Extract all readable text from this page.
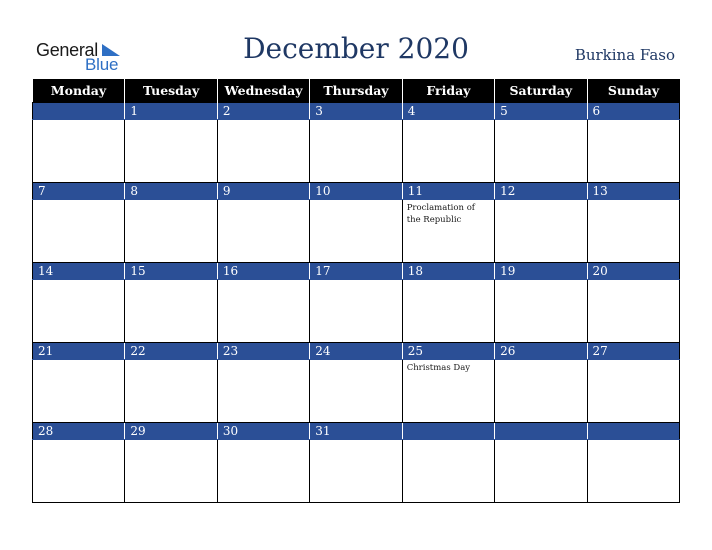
General
Blue	December 2020	Burkina Faso
Monday	Tuesday	Wednesday	Thursday	Friday	Saturday	Sunday
	1	2	3	4	5	6

7	8	9	10	11	12	13
				Proclamation of the Republic		
14	15	16	17	18	19	20

21	22	23	24	25	26	27
				Christmas Day		
28	29	30	31			
